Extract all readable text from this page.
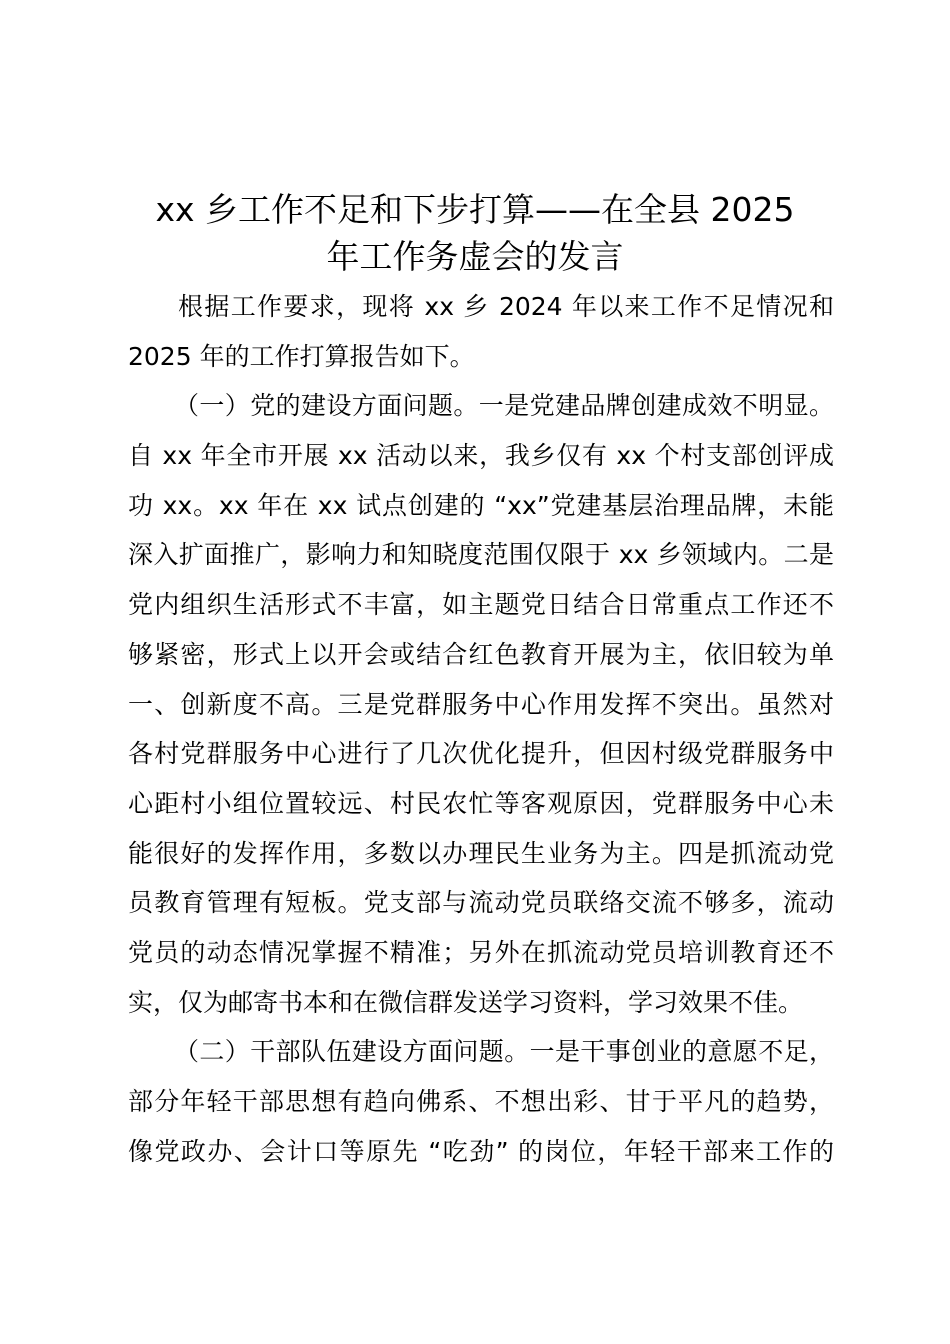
xx 乡工作不足和下步打算——在全县 2025
年工作务虚会的发言
根据工作要求，现将 xx 乡 2024 年以来工作不足情况和
2025 年的工作打算报告如下。
（一）党的建设方面问题。一是党建品牌创建成效不明显。
自 xx 年全市开展 xx 活动以来，我乡仅有 xx 个村支部创评成
功 xx。xx 年在 xx 试点创建的 “xx”党建基层治理品牌，未能
深入扩面推广，影响力和知晓度范围仅限于 xx 乡领域内。二是
党内组织生活形式不丰富，如主题党日结合日常重点工作还不
够紧密，形式上以开会或结合红色教育开展为主，依旧较为单
一、创新度不高。三是党群服务中心作用发挥不突出。虽然对
各村党群服务中心进行了几次优化提升，但因村级党群服务中
心距村小组位置较远、村民农忙等客观原因，党群服务中心未
能很好的发挥作用，多数以办理民生业务为主。四是抓流动党
员教育管理有短板。党支部与流动党员联络交流不够多，流动
党员的动态情况掌握不精准；另外在抓流动党员培训教育还不
实，仅为邮寄书本和在微信群发送学习资料，学习效果不佳。
（二）干部队伍建设方面问题。一是干事创业的意愿不足，
部分年轻干部思想有趋向佛系、不想出彩、甘于平凡的趋势，
像党政办、会计口等原先 “吃劲” 的岗位，年轻干部来工作的
